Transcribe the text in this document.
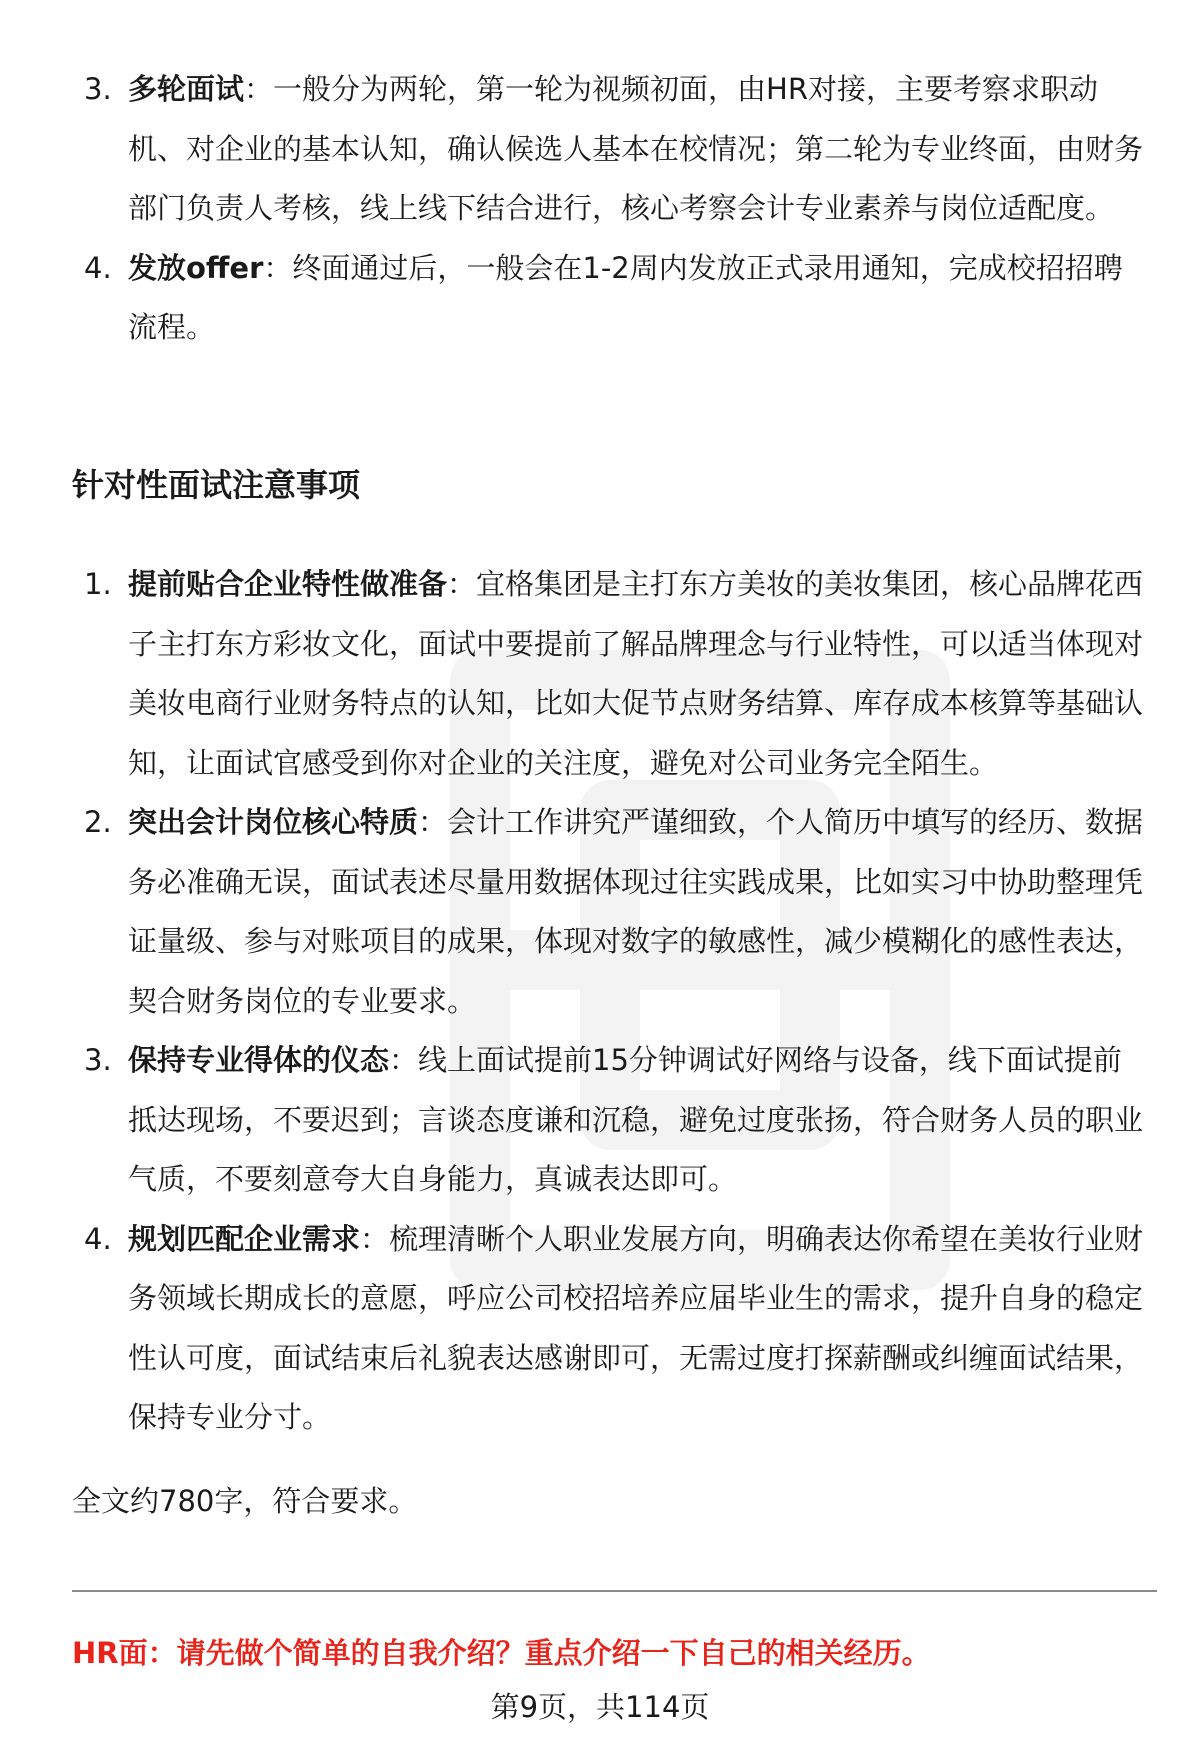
3. 多轮面试：一般分为两轮，第一轮为视频初面，由HR对接，主要考察求职动机、对企业的基本认知，确认候选人基本在校情况；第二轮为专业终面，由财务部门负责人考核，线上线下结合进行，核心考察会计专业素养与岗位适配度。
4. 发放offer：终面通过后，一般会在1-2周内发放正式录用通知，完成校招招聘流程。
针对性面试注意事项
1. 提前贴合企业特性做准备：宜格集团是主打东方美妆的美妆集团，核心品牌花西子主打东方彩妆文化，面试中要提前了解品牌理念与行业特性，可以适当体现对美妆电商行业财务特点的认知，比如大促节点财务结算、库存成本核算等基础认知，让面试官感受到你对企业的关注度，避免对公司业务完全陌生。
2. 突出会计岗位核心特质：会计工作讲究严谨细致，个人简历中填写的经历、数据务必准确无误，面试表述尽量用数据体现过往实践成果，比如实习中协助整理凭证量级、参与对账项目的成果，体现对数字的敏感性，减少模糊化的感性表达，契合财务岗位的专业要求。
3. 保持专业得体的仪态：线上面试提前15分钟调试好网络与设备，线下面试提前抵达现场，不要迟到；言谈态度谦和沉稳，避免过度张扬，符合财务人员的职业气质，不要刻意夸大自身能力，真诚表达即可。
4. 规划匹配企业需求：梳理清晰个人职业发展方向，明确表达你希望在美妆行业财务领域长期成长的意愿，呼应公司校招培养应届毕业生的需求，提升自身的稳定性认可度，面试结束后礼貌表达感谢即可，无需过度打探薪酬或纠缠面试结果，保持专业分寸。

全文约780字，符合要求。

HR面：请先做个简单的自我介绍？重点介绍一下自己的相关经历。

第9页，共114页
